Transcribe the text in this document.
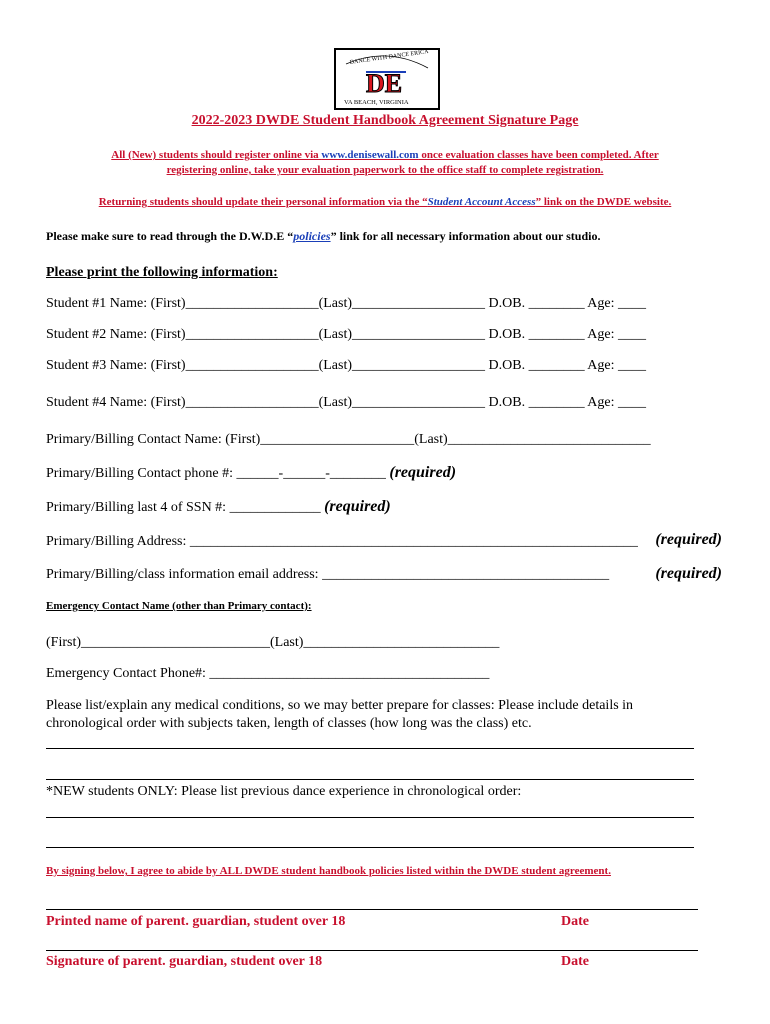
DANCE WITH DANCE ERICA
DE
VA BEACH, VIRGINIA
2022-2023 DWDE Student Handbook Agreement Signature Page
All (New) students should register online via www.denisewall.com once evaluation classes have been completed. After
registering online, take your evaluation paperwork to the office staff to complete registration.
Returning students should update their personal information via the “Student Account Access” link on the DWDE website.
Please make sure to read through the D.W.D.E “policies” link for all necessary information about our studio.
Please print the following information:
Student #1 Name: (First)___________________(Last)___________________ D.OB. ________ Age: ____
Student #2 Name: (First)___________________(Last)___________________ D.OB. ________ Age: ____
Student #3 Name: (First)___________________(Last)___________________ D.OB. ________ Age: ____
Student #4 Name: (First)___________________(Last)___________________ D.OB. ________ Age: ____
Primary/Billing Contact Name: (First)______________________(Last)_____________________________
Primary/Billing Contact phone #: ______-______-________ (required)
Primary/Billing last 4 of SSN #: _____________ (required)
Primary/Billing Address: ________________________________________________________________ (required)
Primary/Billing/class information email address: _________________________________________	(required)
Emergency Contact Name (other than Primary contact):
(First)___________________________(Last)____________________________
Emergency Contact Phone#: ________________________________________
Please list/explain any medical conditions, so we may better prepare for classes: Please include details in chronological order with subjects taken, length of classes (how long was the class) etc.
*NEW students ONLY: Please list previous dance experience in chronological order:
By signing below, I agree to abide by ALL DWDE student handbook policies listed within the DWDE student agreement.
Printed name of parent. guardian, student over 18	Date
Signature of parent. guardian, student over 18	Date
